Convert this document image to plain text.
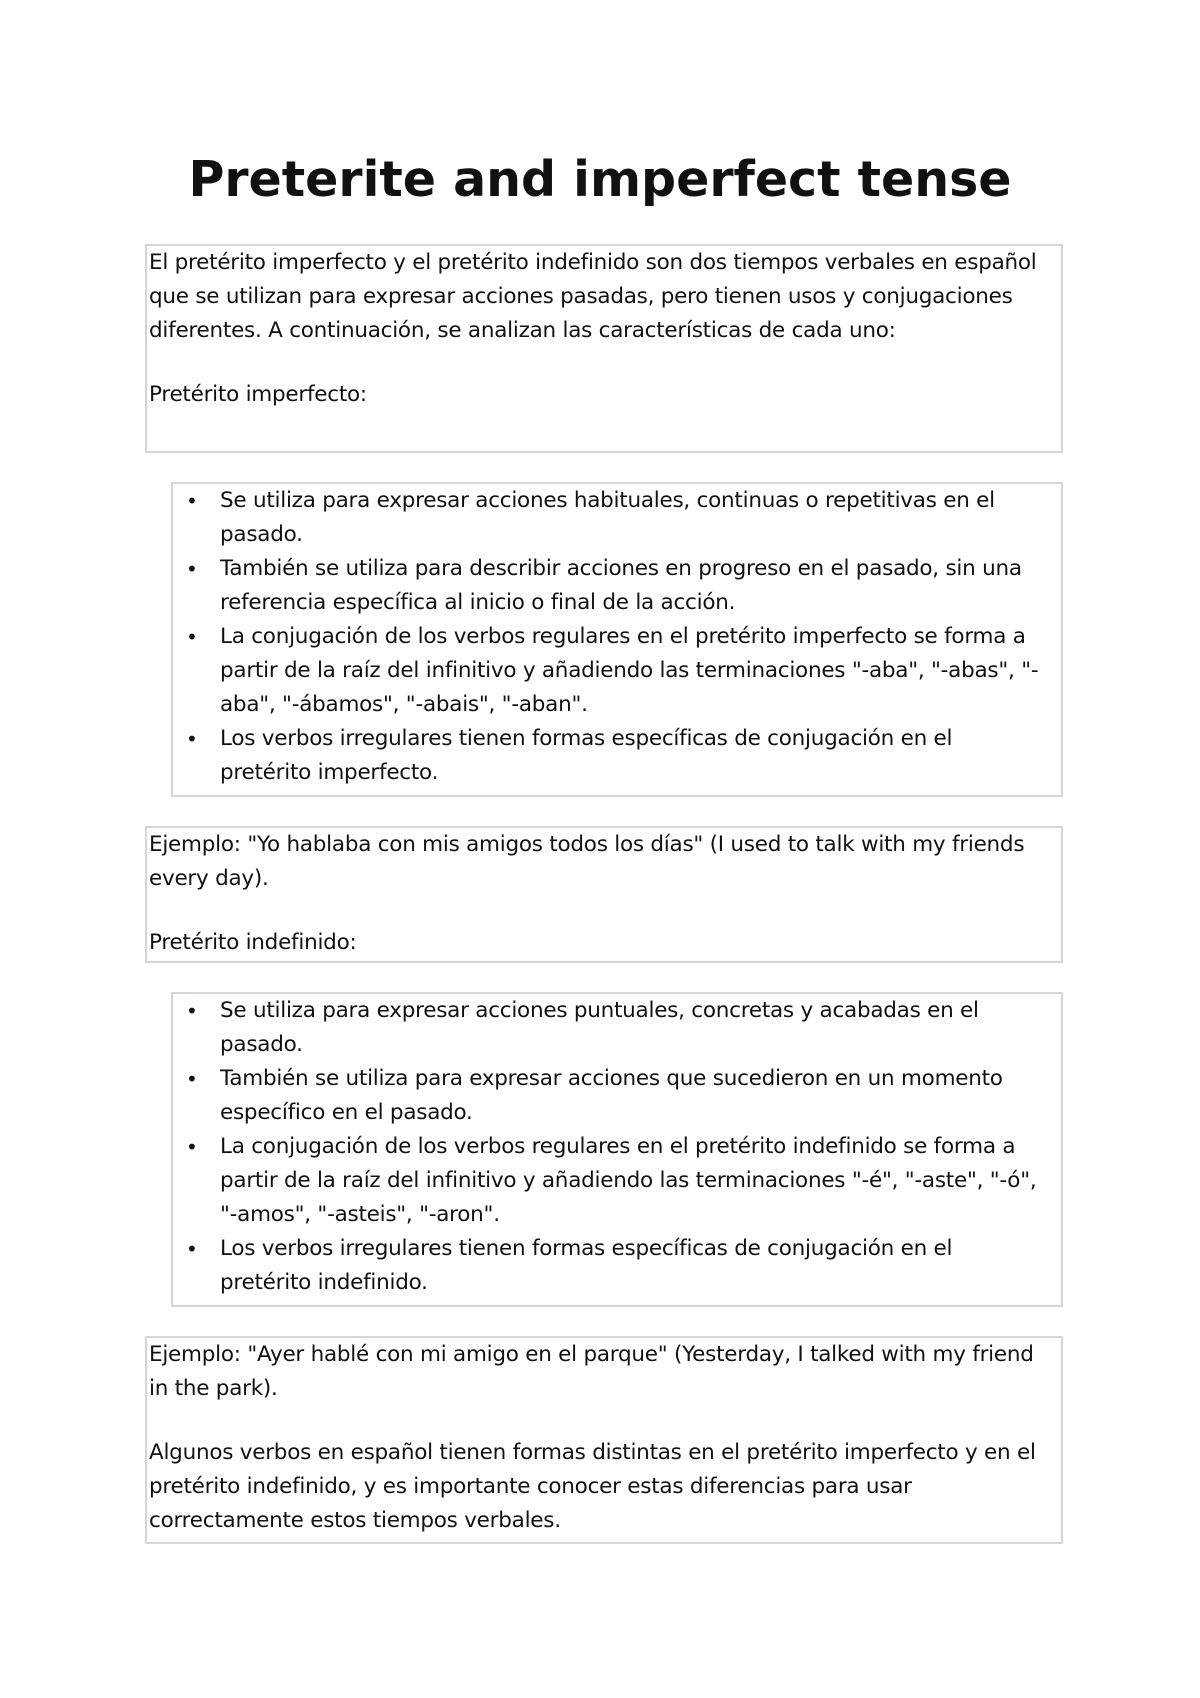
Preterite and imperfect tense

El pretérito imperfecto y el pretérito indefinido son dos tiempos verbales en español que se utilizan para expresar acciones pasadas, pero tienen usos y conjugaciones diferentes. A continuación, se analizan las características de cada uno:

Pretérito imperfecto:

• Se utiliza para expresar acciones habituales, continuas o repetitivas en el pasado.
• También se utiliza para describir acciones en progreso en el pasado, sin una referencia específica al inicio o final de la acción.
• La conjugación de los verbos regulares en el pretérito imperfecto se forma a partir de la raíz del infinitivo y añadiendo las terminaciones "-aba", "-abas", "-aba", "-ábamos", "-abais", "-aban".
• Los verbos irregulares tienen formas específicas de conjugación en el pretérito imperfecto.

Ejemplo: "Yo hablaba con mis amigos todos los días" (I used to talk with my friends every day).

Pretérito indefinido:

• Se utiliza para expresar acciones puntuales, concretas y acabadas en el pasado.
• También se utiliza para expresar acciones que sucedieron en un momento específico en el pasado.
• La conjugación de los verbos regulares en el pretérito indefinido se forma a partir de la raíz del infinitivo y añadiendo las terminaciones "-é", "-aste", "-ó", "-amos", "-asteis", "-aron".
• Los verbos irregulares tienen formas específicas de conjugación en el pretérito indefinido.

Ejemplo: "Ayer hablé con mi amigo en el parque" (Yesterday, I talked with my friend in the park).

Algunos verbos en español tienen formas distintas en el pretérito imperfecto y en el pretérito indefinido, y es importante conocer estas diferencias para usar correctamente estos tiempos verbales.
